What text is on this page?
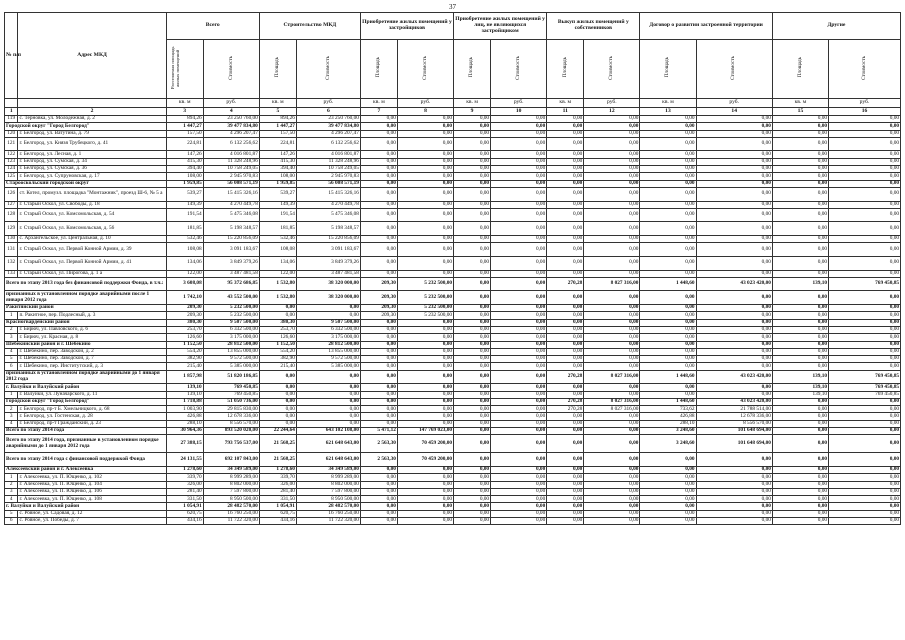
37
№ п/п	Адрес МКД	Всего		Строительство МКД		Приобретение жилых помещений у застройщиков		Приобретение жилых помещений у лиц, не являющихся застройщиком		Выкуп жилых помещений у собственников		Договор о развитии застроенной территории		Другие	
		Расселяемая площадь жилых помещений	Стоимость	Площадь	Стоимость	Площадь	Стоимость	Площадь	Стоимость	Площадь	Стоимость	Площадь	Стоимость	Площадь	Стоимость
		кв. м	руб.	кв. м	руб.	кв. м	руб.	кв. м	руб.	кв. м	руб.	кв. м	руб.	кв. м	руб.
1	2	3	4	5	6	7	8	9	10	11	12	13	14	15	16
119	с. Терновка, ул. Молодежная, д. 2	894,26	23 250 760,00	894,26	23 250 760,00	0,00	0,00	0,00	0,00	0,00	0,00	0,00	0,00	0,00	0,00
Городской округ "Город Белгород"		1 447,27	39 477 834,80	1 447,27	39 477 834,80	0,00	0,00	0,00	0,00	0,00	0,00	0,00	0,00	0,00	0,00
120	г. Белгород, ул. Ватутина, д. 79	157,50	4 296 207,47	157,50	4 296 207,47	0,00	0,00	0,00	0,00	0,00	0,00	0,00	0,00	0,00	0,00
121	г. Белгород, ул. Князя Трубецкого, д. 41	224,81	6 132 256,62	224,81	6 132 256,62	0,00	0,00	0,00	0,00	0,00	0,00	0,00	0,00	0,00	0,00
122	г. Белгород, ул. Лесная, д. 1	147,26	4 016 801,87	147,26	4 016 801,87	0,00	0,00	0,00	0,00	0,00	0,00	0,00	0,00	0,00	0,00
123	г. Белгород, ул. Сумская, д. 34	415,30	11 328 248,96	415,30	11 328 248,96	0,00	0,00	0,00	0,00	0,00	0,00	0,00	0,00	0,00	0,00
124	г. Белгород, ул. Сумская, д. 36	394,40	10 758 249,05	394,40	10 758 249,05	0,00	0,00	0,00	0,00	0,00	0,00	0,00	0,00	0,00	0,00
125	г. Белгород, ул. Супруновская, д. 17	108,00	2 945 970,83	108,00	2 945 970,83	0,00	0,00	0,00	0,00	0,00	0,00	0,00	0,00	0,00	0,00
Старооскольский городской округ		1 959,85	56 008 571,19	1 959,85	56 008 571,19	0,00	0,00	0,00	0,00	0,00	0,00	0,00	0,00	0,00	0,00
126	ст. Котел, промузл. площадка "Монтажник", проезд Ш-6, № 5 а	539,27	15 415 326,16	539,27	15 415 326,16	0,00	0,00	0,00	0,00	0,00	0,00	0,00	0,00	0,00	0,00
127	г. Старый Оскол, ул. Свободы, д. 18	149,39	4 270 449,78	149,39	4 270 449,78	0,00	0,00	0,00	0,00	0,00	0,00	0,00	0,00	0,00	0,00
128	г. Старый Оскол, ул. Комсомольская, д. 54	191,54	5 475 346,08	191,54	5 475 346,08	0,00	0,00	0,00	0,00	0,00	0,00	0,00	0,00	0,00	0,00
129	г. Старый Оскол, ул. Комсомольская, д. 56	181,85	5 198 348,57	181,85	5 198 348,57	0,00	0,00	0,00	0,00	0,00	0,00	0,00	0,00	0,00	0,00
130	с. Архангельское, ул. Центральная, д. 10	532,46	15 220 856,09	532,46	15 220 856,09	0,00	0,00	0,00	0,00	0,00	0,00	0,00	0,00	0,00	0,00
131	г. Старый Оскол, ул. Первой Конной Армии, д. 39	108,08	3 091 183,67	108,08	3 091 183,67	0,00	0,00	0,00	0,00	0,00	0,00	0,00	0,00	0,00	0,00
132	г. Старый Оскол, ул. Первой Конной Армии, д. 41	134,06	3 849 379,26	134,06	3 849 379,26	0,00	0,00	0,00	0,00	0,00	0,00	0,00	0,00	0,00	0,00
133	г. Старый Оскол, ул. Пирогова, д. 1 а	122,00	3 487 481,58	122,00	3 487 481,58	0,00	0,00	0,00	0,00	0,00	0,00	0,00	0,00	0,00	0,00
Всего по этапу 2013 года без финансовой поддержки Фонда, в т.ч.:		3 608,08	95 372 686,85	1 532,80	38 320 000,00	209,30	5 232 500,00	0,00	0,00	270,28	8 027 316,00	1 448,60	43 023 420,00	139,10	769 450,85
признанных в установленном порядке аварийными после 1 января 2012 года		1 742,10	43 552 500,00	1 532,80	38 320 000,00	209,30	5 232 500,00	0,00	0,00	0,00	0,00	0,00	0,00	0,00	0,00
Ракитянский район		209,30	5 232 500,00	0,00	0,00	209,30	5 232 500,00	0,00	0,00	0,00	0,00	0,00	0,00	0,00	0,00
1	п. Ракитное, пер. Подлесный, д. 3	209,30	5 232 500,00	0,00	0,00	209,30	5 232 500,00	0,00	0,00	0,00	0,00	0,00	0,00	0,00	0,00
Красногвардейский район		380,30	9 507 500,00	380,30	9 507 500,00	0,00	0,00	0,00	0,00	0,00	0,00	0,00	0,00	0,00	0,00
2	г. Бирюч, ул. Павловского, д. 6	253,70	6 332 500,00	253,70	6 332 500,00	0,00	0,00	0,00	0,00	0,00	0,00	0,00	0,00	0,00	0,00
3	г. Бирюч, ул. Красная, д. 8	126,60	3 175 000,00	126,60	3 175 000,00	0,00	0,00	0,00	0,00	0,00	0,00	0,00	0,00	0,00	0,00
Шебекинский район и г. Шебекино		1 152,50	28 812 500,00	1 152,50	28 812 500,00	0,00	0,00	0,00	0,00	0,00	0,00	0,00	0,00	0,00	0,00
4	г. Шебекино, пер. Заводской, д. 2	554,20	13 855 000,00	554,20	13 855 000,00	0,00	0,00	0,00	0,00	0,00	0,00	0,00	0,00	0,00	0,00
5	г. Шебекино, пер. Заводской, д. 7	382,90	9 572 500,00	382,90	9 572 500,00	0,00	0,00	0,00	0,00	0,00	0,00	0,00	0,00	0,00	0,00
6	г. Шебекино, пер. Институтский, д. 3	215,40	5 385 000,00	215,40	5 385 000,00	0,00	0,00	0,00	0,00	0,00	0,00	0,00	0,00	0,00	0,00
признанных в установленном порядке аварийными до 1 января 2012 года		1 857,98	51 820 186,85	0,00	0,00	0,00	0,00	0,00	0,00	270,28	8 027 316,00	1 448,60	43 023 420,00	139,10	769 450,85
г. Валуйки и Валуйский район		139,10	769 450,85	0,00	0,00	0,00	0,00	0,00	0,00	0,00	0,00	0,00	0,00	139,10	769 450,85
1	г. Валуйки, ул. Луначарского, д. 11	139,10	769 450,85	0,00	0,00	0,00	0,00	0,00	0,00	0,00	0,00	0,00	0,00	139,10	769 450,85
Городской округ "Город Белгород"		1 718,88	51 050 736,00	0,00	0,00	0,00	0,00	0,00	0,00	270,28	8 027 316,00	1 448,60	43 023 420,00	0,00	0,00
2	г. Белгород, пр-т Б. Хмельницкого, д. 68	1 003,90	29 815 830,00	0,00	0,00	0,00	0,00	0,00	0,00	270,28	8 027 316,00	733,62	21 788 514,00	0,00	0,00
3	г. Белгород, ул. Гостенская, д. 28	426,88	12 678 336,00	0,00	0,00	0,00	0,00	0,00	0,00	0,00	0,00	426,88	12 678 336,00	0,00	0,00
4	г. Белгород, пр-т Гражданский, д. 23	288,10	8 556 570,00	0,00	0,00	0,00	0,00	0,00	0,00	0,00	0,00	288,10	8 556 570,00	0,00	0,00
Всего по этапу 2014 года		30 964,36	893 520 020,00	22 244,64	643 102 108,00	5 471,12	147 769 023,00	0,00	0,00	0,00	0,00	3 248,60	101 648 694,00	0,00	0,00
Всего по этапу 2014 года, признанные в установленном порядке аварийными до 1 января 2012 года		27 388,15	793 756 537,00	21 568,25	621 648 643,00	2 563,30	70 459 200,00	0,00	0,00	0,00	0,00	3 248,60	101 648 694,00	0,00	0,00
Всего по этапу 2014 года с финансовой поддержкой Фонда		24 131,55	692 107 843,00	21 568,25	621 648 643,00	2 563,30	70 459 200,00	0,00	0,00	0,00	0,00	0,00	0,00	0,00	0,00
Алексеевский район и г. Алексеевка		1 278,60	34 349 589,00	1 278,60	34 349 589,00	0,00	0,00	0,00	0,00	0,00	0,00	0,00	0,00	0,00	0,00
1	г. Алексеевка, ул. П. Ющенко, д. 102	339,70	8 999 289,00	339,70	8 999 289,00	0,00	0,00	0,00	0,00	0,00	0,00	0,00	0,00	0,00	0,00
2	г. Алексеевка, ул. П. Ющенко, д. 104	326,00	8 802 000,00	326,00	8 802 000,00	0,00	0,00	0,00	0,00	0,00	0,00	0,00	0,00	0,00	0,00
3	г. Алексеевка, ул. П. Ющенко, д. 106	281,40	7 597 800,00	281,40	7 597 800,00	0,00	0,00	0,00	0,00	0,00	0,00	0,00	0,00	0,00	0,00
4	г. Алексеевка, ул. П. Ющенко, д. 108	331,50	8 950 500,00	331,50	8 950 500,00	0,00	0,00	0,00	0,00	0,00	0,00	0,00	0,00	0,00	0,00
г. Валуйки и Валуйский район		1 054,91	28 482 570,00	1 054,91	28 482 570,00	0,00	0,00	0,00	0,00	0,00	0,00	0,00	0,00	0,00	0,00
5	с. Ровное, ул. Садовая, д. 12	620,75	16 760 250,00	620,75	16 760 250,00	0,00	0,00	0,00	0,00	0,00	0,00	0,00	0,00	0,00	0,00
6	с. Ровное, ул. Победы, д. 7	434,16	11 722 320,00	434,16	11 722 320,00	0,00	0,00	0,00	0,00	0,00	0,00	0,00	0,00	0,00	0,00
